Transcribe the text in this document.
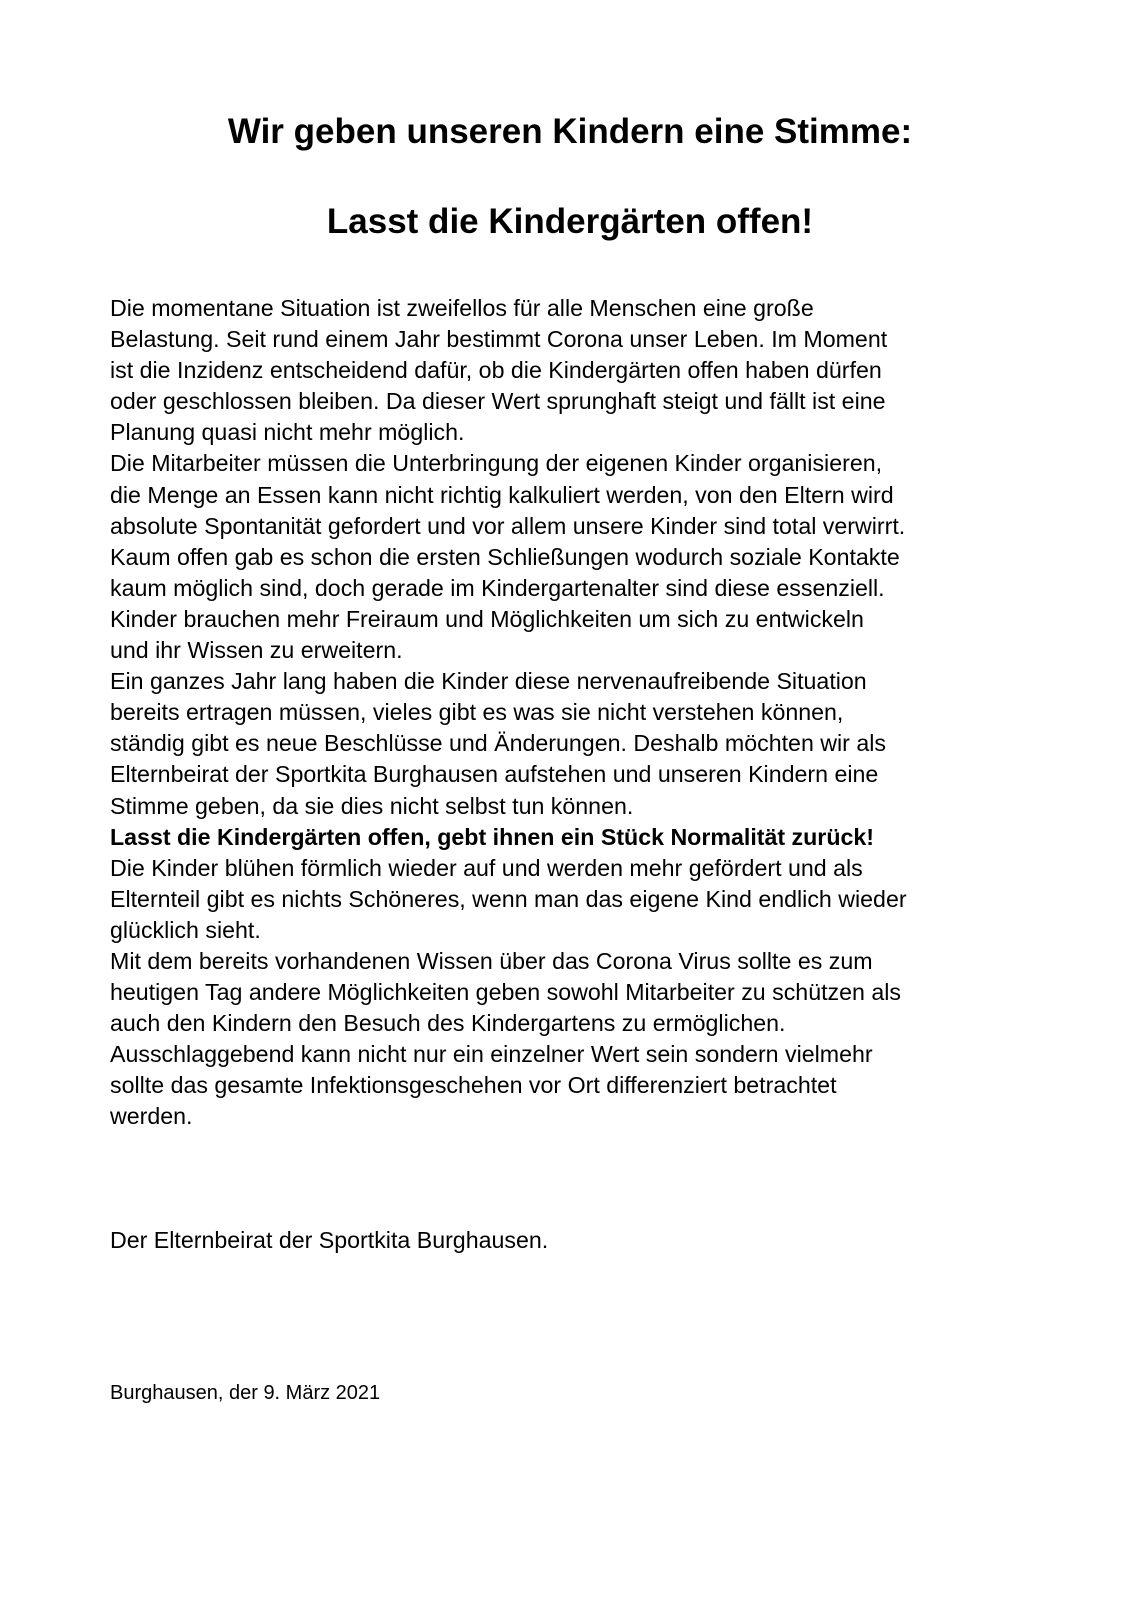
Wir geben unseren Kindern eine Stimme:
Lasst die Kindergärten offen!
Die momentane Situation ist zweifellos für alle Menschen eine große
Belastung. Seit rund einem Jahr bestimmt Corona unser Leben. Im Moment
ist die Inzidenz entscheidend dafür, ob die Kindergärten offen haben dürfen
oder geschlossen bleiben. Da dieser Wert sprunghaft steigt und fällt ist eine
Planung quasi nicht mehr möglich.
Die Mitarbeiter müssen die Unterbringung der eigenen Kinder organisieren,
die Menge an Essen kann nicht richtig kalkuliert werden, von den Eltern wird
absolute Spontanität gefordert und vor allem unsere Kinder sind total verwirrt.
Kaum offen gab es schon die ersten Schließungen wodurch soziale Kontakte
kaum möglich sind, doch gerade im Kindergartenalter sind diese essenziell.
Kinder brauchen mehr Freiraum und Möglichkeiten um sich zu entwickeln
und ihr Wissen zu erweitern.
Ein ganzes Jahr lang haben die Kinder diese nervenaufreibende Situation
bereits ertragen müssen, vieles gibt es was sie nicht verstehen können,
ständig gibt es neue Beschlüsse und Änderungen. Deshalb möchten wir als
Elternbeirat der Sportkita Burghausen aufstehen und unseren Kindern eine
Stimme geben, da sie dies nicht selbst tun können.
Lasst die Kindergärten offen, gebt ihnen ein Stück Normalität zurück!
Die Kinder blühen förmlich wieder auf und werden mehr gefördert und als
Elternteil gibt es nichts Schöneres, wenn man das eigene Kind endlich wieder
glücklich sieht.
Mit dem bereits vorhandenen Wissen über das Corona Virus sollte es zum
heutigen Tag andere Möglichkeiten geben sowohl Mitarbeiter zu schützen als
auch den Kindern den Besuch des Kindergartens zu ermöglichen.
Ausschlaggebend kann nicht nur ein einzelner Wert sein sondern vielmehr
sollte das gesamte Infektionsgeschehen vor Ort differenziert betrachtet
werden.
Der Elternbeirat der Sportkita Burghausen.
Burghausen, der 9. März 2021
